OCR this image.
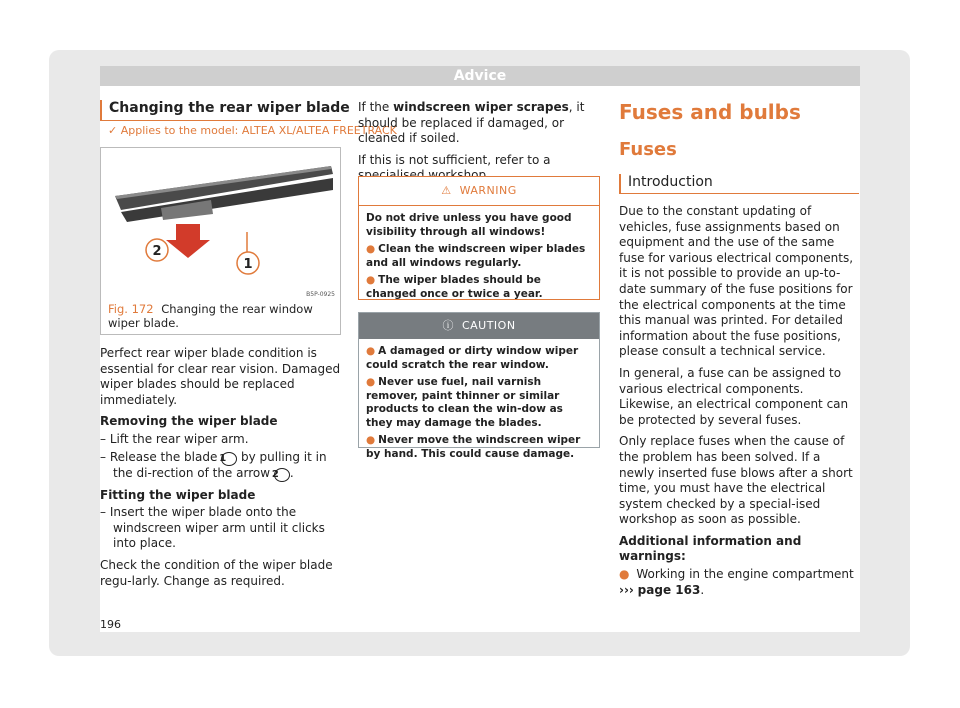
Advice
Changing the rear wiper blade
✓ Applies to the model: ALTEA XL/ALTEA FREETRACK
1
2
B5P-0925
Fig. 172 Changing the rear window wiper blade.

Perfect rear wiper blade condition is essential for clear rear vision. Damaged wiper blades should be replaced immediately.

Removing the wiper blade
– Lift the rear wiper arm.
– Release the blade 1 by pulling it in the di-rection of the arrow 2 .
Fitting the wiper blade
– Insert the wiper blade onto the windscreen wiper arm until it clicks into place.

Check the condition of the wiper blade regu-larly. Change as required.

If the windscreen wiper scrapes, it should be replaced if damaged, or cleaned if soiled.

If this is not sufficient, refer to a

⚠ WARNING

Do not drive unless you have good visibility through all windows!

● Clean the windscreen wiper blades and all windows regularly.

● The wiper blades should be changed once or twice a year.

ⓘ CAUTION

● A damaged or dirty window wiper could scratch the rear window.

● Never use fuel, nail varnish remover, paint thinner or similar products to clean the win-dow as they may damage the blades.

● Never move the windscreen wiper by hand. This could cause damage.

Fuses and bulbs
Fuses
Introduction

Due to the constant updating of vehicles, fuse assignments based on equipment and the use of the same fuse for various electrical components, it is not possible to provide an up-to-date summary of the fuse positions for the electrical components at the time this manual was printed. For detailed information about the fuse positions, please consult a technical service.

In general, a fuse can be assigned to various electrical components. Likewise, an electrical component can be protected by several fuses.

Only replace fuses when the cause of the problem has been solved. If a newly inserted fuse blows after a short time, you must have the electrical system checked by a special-ised workshop as soon as possible.

Additional information and warnings:
● Working in the engine compartment
››› page 163.
196
